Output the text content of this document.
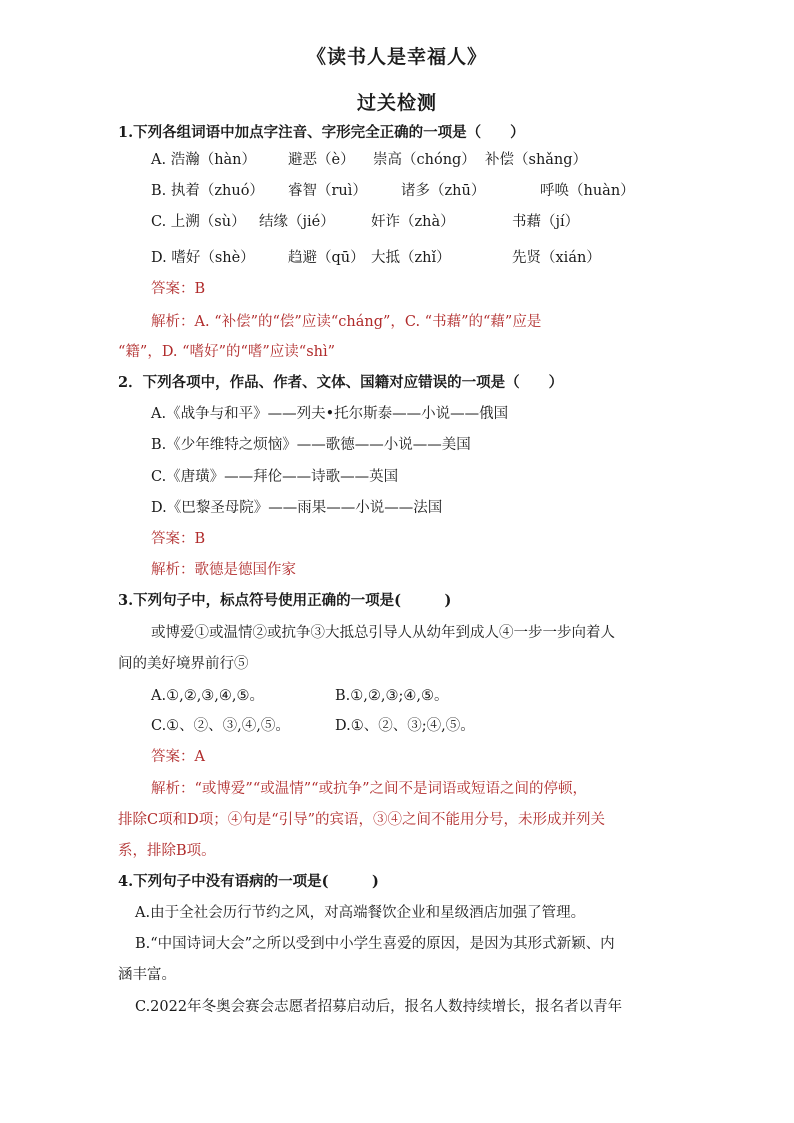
《读书人是幸福人》
过关检测
1.下列各组词语中加点字注音、字形完全正确的一项是（　　）
A. 浩瀚（hàn） 避恶（è） 崇高（chóng） 补偿（shǎng）
B. 执着（zhuó） 睿智（ruì） 诸多（zhū）	呼唤（huàn）
C. 上溯（sù） 结缘（jié）	奸诈（zhà）	书藉（jí）
D. 嗜好（shè） 趋避（qū） 大抵（zhǐ）	先贤（xián）
答案：B
解析：A. “补偿”的“偿”应读“cháng”，C. “书藉”的“藉”应是
“籍”，D. “嗜好”的“嗜”应读“shì”
2．下列各项中，作品、作者、文体、国籍对应错误的一项是（　　）
A.《战争与和平》——列夫•托尔斯泰——小说——俄国
B.《少年维特之烦恼》——歌德——小说——美国
C.《唐璜》——拜伦——诗歌——英国
D.《巴黎圣母院》——雨果——小说——法国
答案：B
解析：歌德是德国作家
3.下列句子中，标点符号使用正确的一项是(　　　)
或博爱①或温情②或抗争③大抵总引导人从幼年到成人④一步一步向着人
间的美好境界前行⑤
A.①,②,③,④,⑤。	B.①,②,③;④,⑤。
C.①、②、③,④,⑤。	D.①、②、③;④,⑤。
答案：A
解析：“或博爱”“或温情”“或抗争”之间不是词语或短语之间的停顿，
排除C项和D项；④句是“引导”的宾语，③④之间不能用分号，未形成并列关
系，排除B项。
4.下列句子中没有语病的一项是(　　　)
A.由于全社会历行节约之风，对高端餐饮企业和星级酒店加强了管理。
B.“中国诗词大会”之所以受到中小学生喜爱的原因，是因为其形式新颖、内
涵丰富。
C.2022年冬奥会赛会志愿者招募启动后，报名人数持续增长，报名者以青年
